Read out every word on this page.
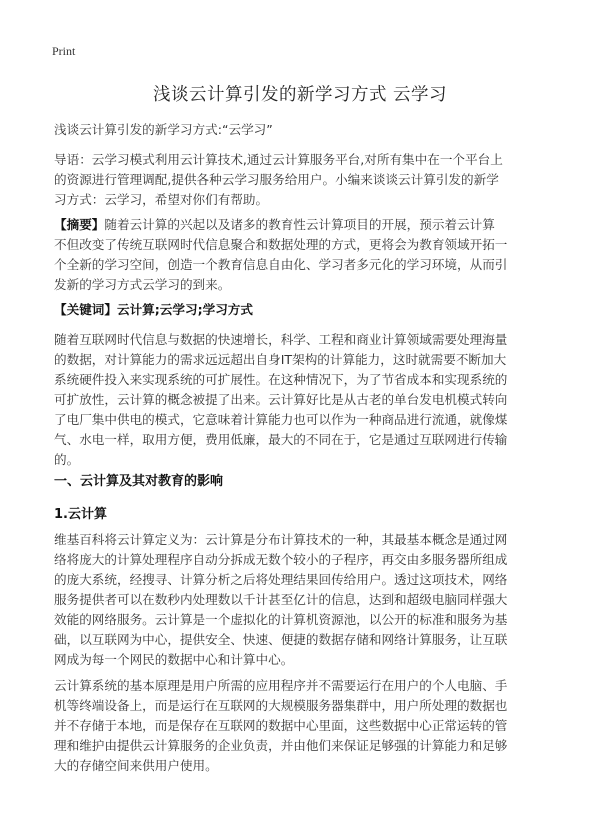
Print
浅谈云计算引发的新学习方式 云学习
浅谈云计算引发的新学习方式:“云学习”
导语：云学习模式利用云计算技术,通过云计算服务平台,对所有集中在一个平台上
的资源进行管理调配,提供各种云学习服务给用户。小编来谈谈云计算引发的新学
习方式：云学习，希望对你们有帮助。
【摘要】随着云计算的兴起以及诸多的教育性云计算项目的开展，预示着云计算
不但改变了传统互联网时代信息聚合和数据处理的方式，更将会为教育领域开拓一
个全新的学习空间，创造一个教育信息自由化、学习者多元化的学习环境，从而引
发新的学习方式云学习的到来。
【关键词】云计算;云学习;学习方式
随着互联网时代信息与数据的快速增长，科学、工程和商业计算领域需要处理海量
的数据，对计算能力的需求远远超出自身IT架构的计算能力，这时就需要不断加大
系统硬件投入来实现系统的可扩展性。在这种情况下，为了节省成本和实现系统的
可扩放性，云计算的概念被提了出来。云计算好比是从古老的单台发电机模式转向
了电厂集中供电的模式，它意味着计算能力也可以作为一种商品进行流通，就像煤
气、水电一样，取用方便，费用低廉，最大的不同在于，它是通过互联网进行传输
的。
一、云计算及其对教育的影响
1.云计算
维基百科将云计算定义为：云计算是分布计算技术的一种，其最基本概念是通过网
络将庞大的计算处理程序自动分拆成无数个较小的子程序，再交由多服务器所组成
的庞大系统，经搜寻、计算分析之后将处理结果回传给用户。透过这项技术，网络
服务提供者可以在数秒内处理数以千计甚至亿计的信息，达到和超级电脑同样强大
效能的网络服务。云计算是一个虚拟化的计算机资源池，以公开的标准和服务为基
础，以互联网为中心，提供安全、快速、便捷的数据存储和网络计算服务，让互联
网成为每一个网民的数据中心和计算中心。
云计算系统的基本原理是用户所需的应用程序并不需要运行在用户的个人电脑、手
机等终端设备上，而是运行在互联网的大规模服务器集群中，用户所处理的数据也
并不存储于本地，而是保存在互联网的数据中心里面，这些数据中心正常运转的管
理和维护由提供云计算服务的企业负责，并由他们来保证足够强的计算能力和足够
大的存储空间来供用户使用。
